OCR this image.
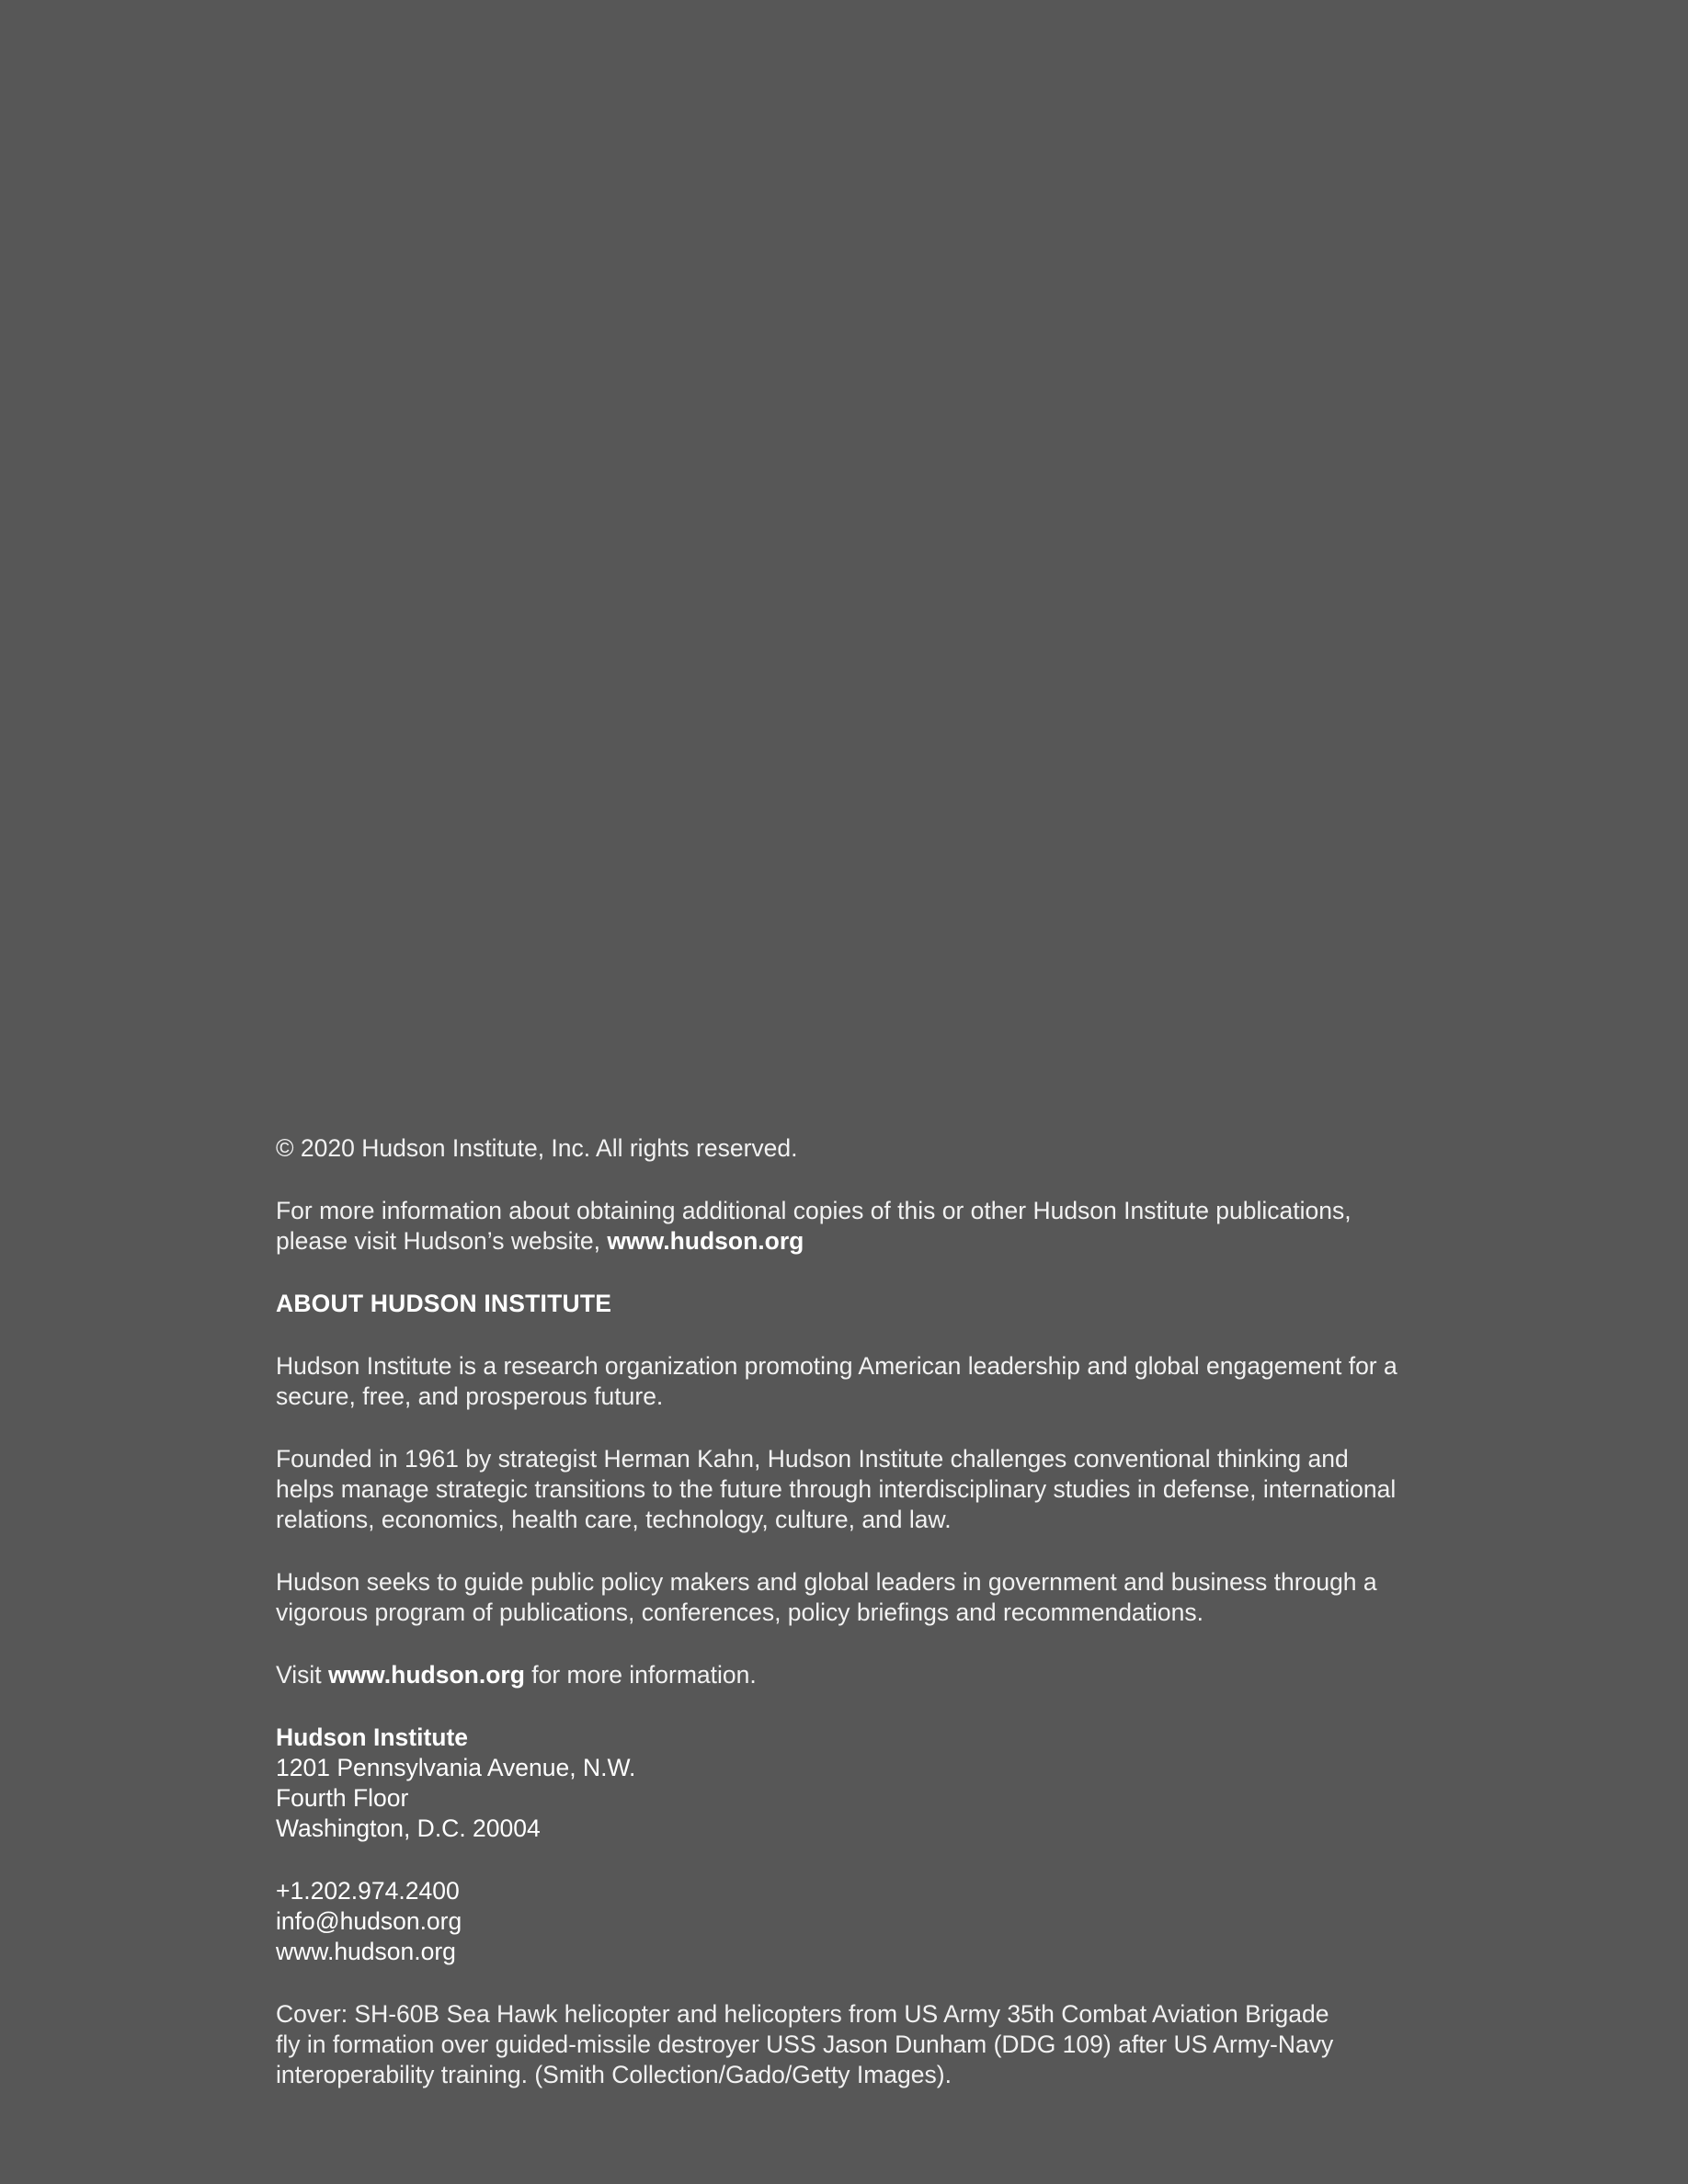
© 2020 Hudson Institute, Inc. All rights reserved.
For more information about obtaining additional copies of this or other Hudson Institute publications,
please visit Hudson’s website, www.hudson.org
ABOUT HUDSON INSTITUTE
Hudson Institute is a research organization promoting American leadership and global engagement for a
secure, free, and prosperous future.
Founded in 1961 by strategist Herman Kahn, Hudson Institute challenges conventional thinking and
helps manage strategic transitions to the future through interdisciplinary studies in defense, international
relations, economics, health care, technology, culture, and law.
Hudson seeks to guide public policy makers and global leaders in government and business through a
vigorous program of publications, conferences, policy briefings and recommendations.
Visit www.hudson.org for more information.
Hudson Institute
1201 Pennsylvania Avenue, N.W.
Fourth Floor
Washington, D.C. 20004
+1.202.974.2400
info@hudson.org
www.hudson.org
Cover: SH-60B Sea Hawk helicopter and helicopters from US Army 35th Combat Aviation Brigade
fly in formation over guided-missile destroyer USS Jason Dunham (DDG 109) after US Army-Navy
interoperability training. (Smith Collection/Gado/Getty Images).
